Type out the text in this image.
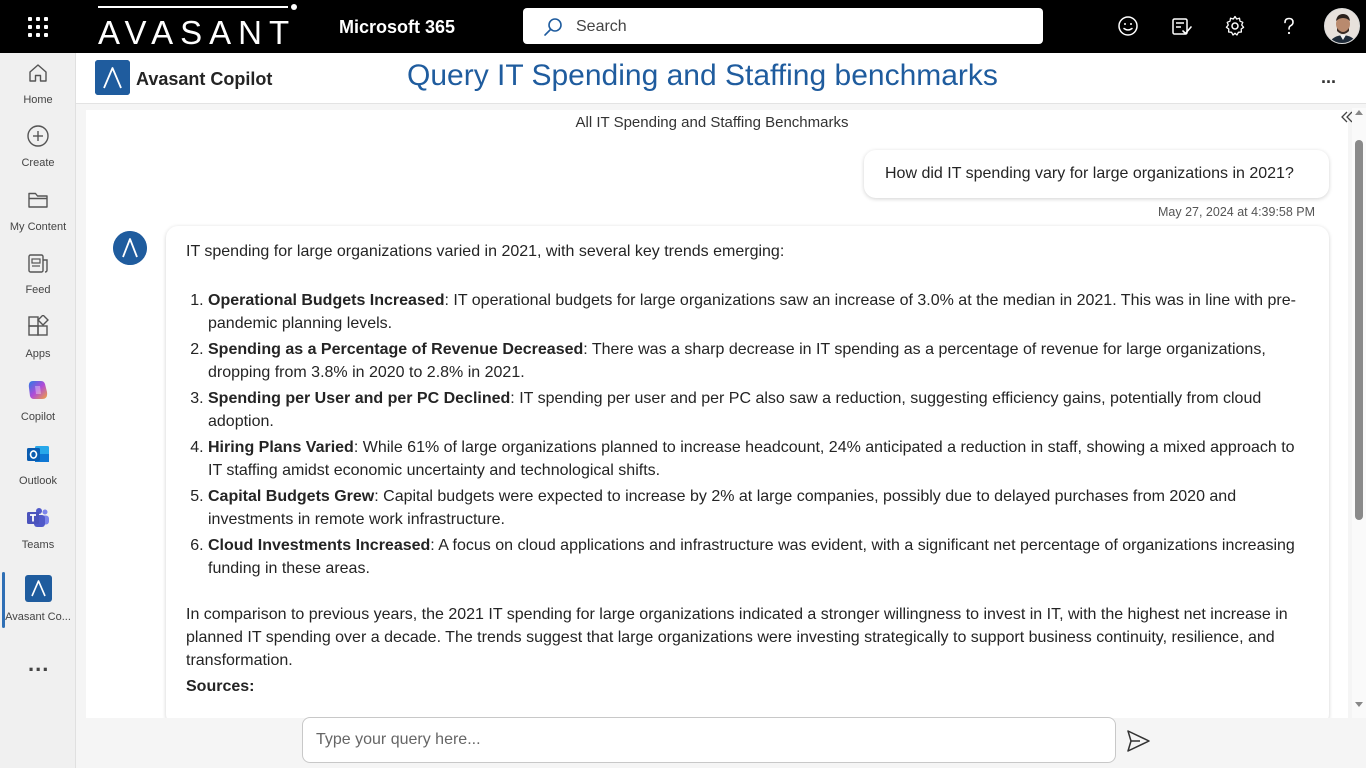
AVASANT Microsoft 365	Search
Home
Create
My Content
Feed
Apps
Copilot
Outlook
Teams
Avasant Co...
...
Avasant Copilot	Query IT Spending and Staffing benchmarks	...
All IT Spending and Staffing Benchmarks
How did IT spending vary for large organizations in 2021?
May 27, 2024 at 4:39:58 PM

IT spending for large organizations varied in 2021, with several key trends emerging:

1. Operational Budgets Increased: IT operational budgets for large organizations saw an increase of 3.0% at the median in 2021. This was in line with pre-pandemic planning levels.
2. Spending as a Percentage of Revenue Decreased: There was a sharp decrease in IT spending as a percentage of revenue for large organizations, dropping from 3.8% in 2020 to 2.8% in 2021.
3. Spending per User and per PC Declined: IT spending per user and per PC also saw a reduction, suggesting efficiency gains, potentially from cloud adoption.
4. Hiring Plans Varied: While 61% of large organizations planned to increase headcount, 24% anticipated a reduction in staff, showing a mixed approach to IT staffing amidst economic uncertainty and technological shifts.
5. Capital Budgets Grew: Capital budgets were expected to increase by 2% at large companies, possibly due to delayed purchases from 2020 and investments in remote work infrastructure.
6. Cloud Investments Increased: A focus on cloud applications and infrastructure was evident, with a significant net percentage of organizations increasing funding in these areas.

In comparison to previous years, the 2021 IT spending for large organizations indicated a stronger willingness to invest in IT, with the highest net increase in planned IT spending over a decade. The trends suggest that large organizations were investing strategically to support business continuity, resilience, and transformation.

Sources:

Type your query here...
